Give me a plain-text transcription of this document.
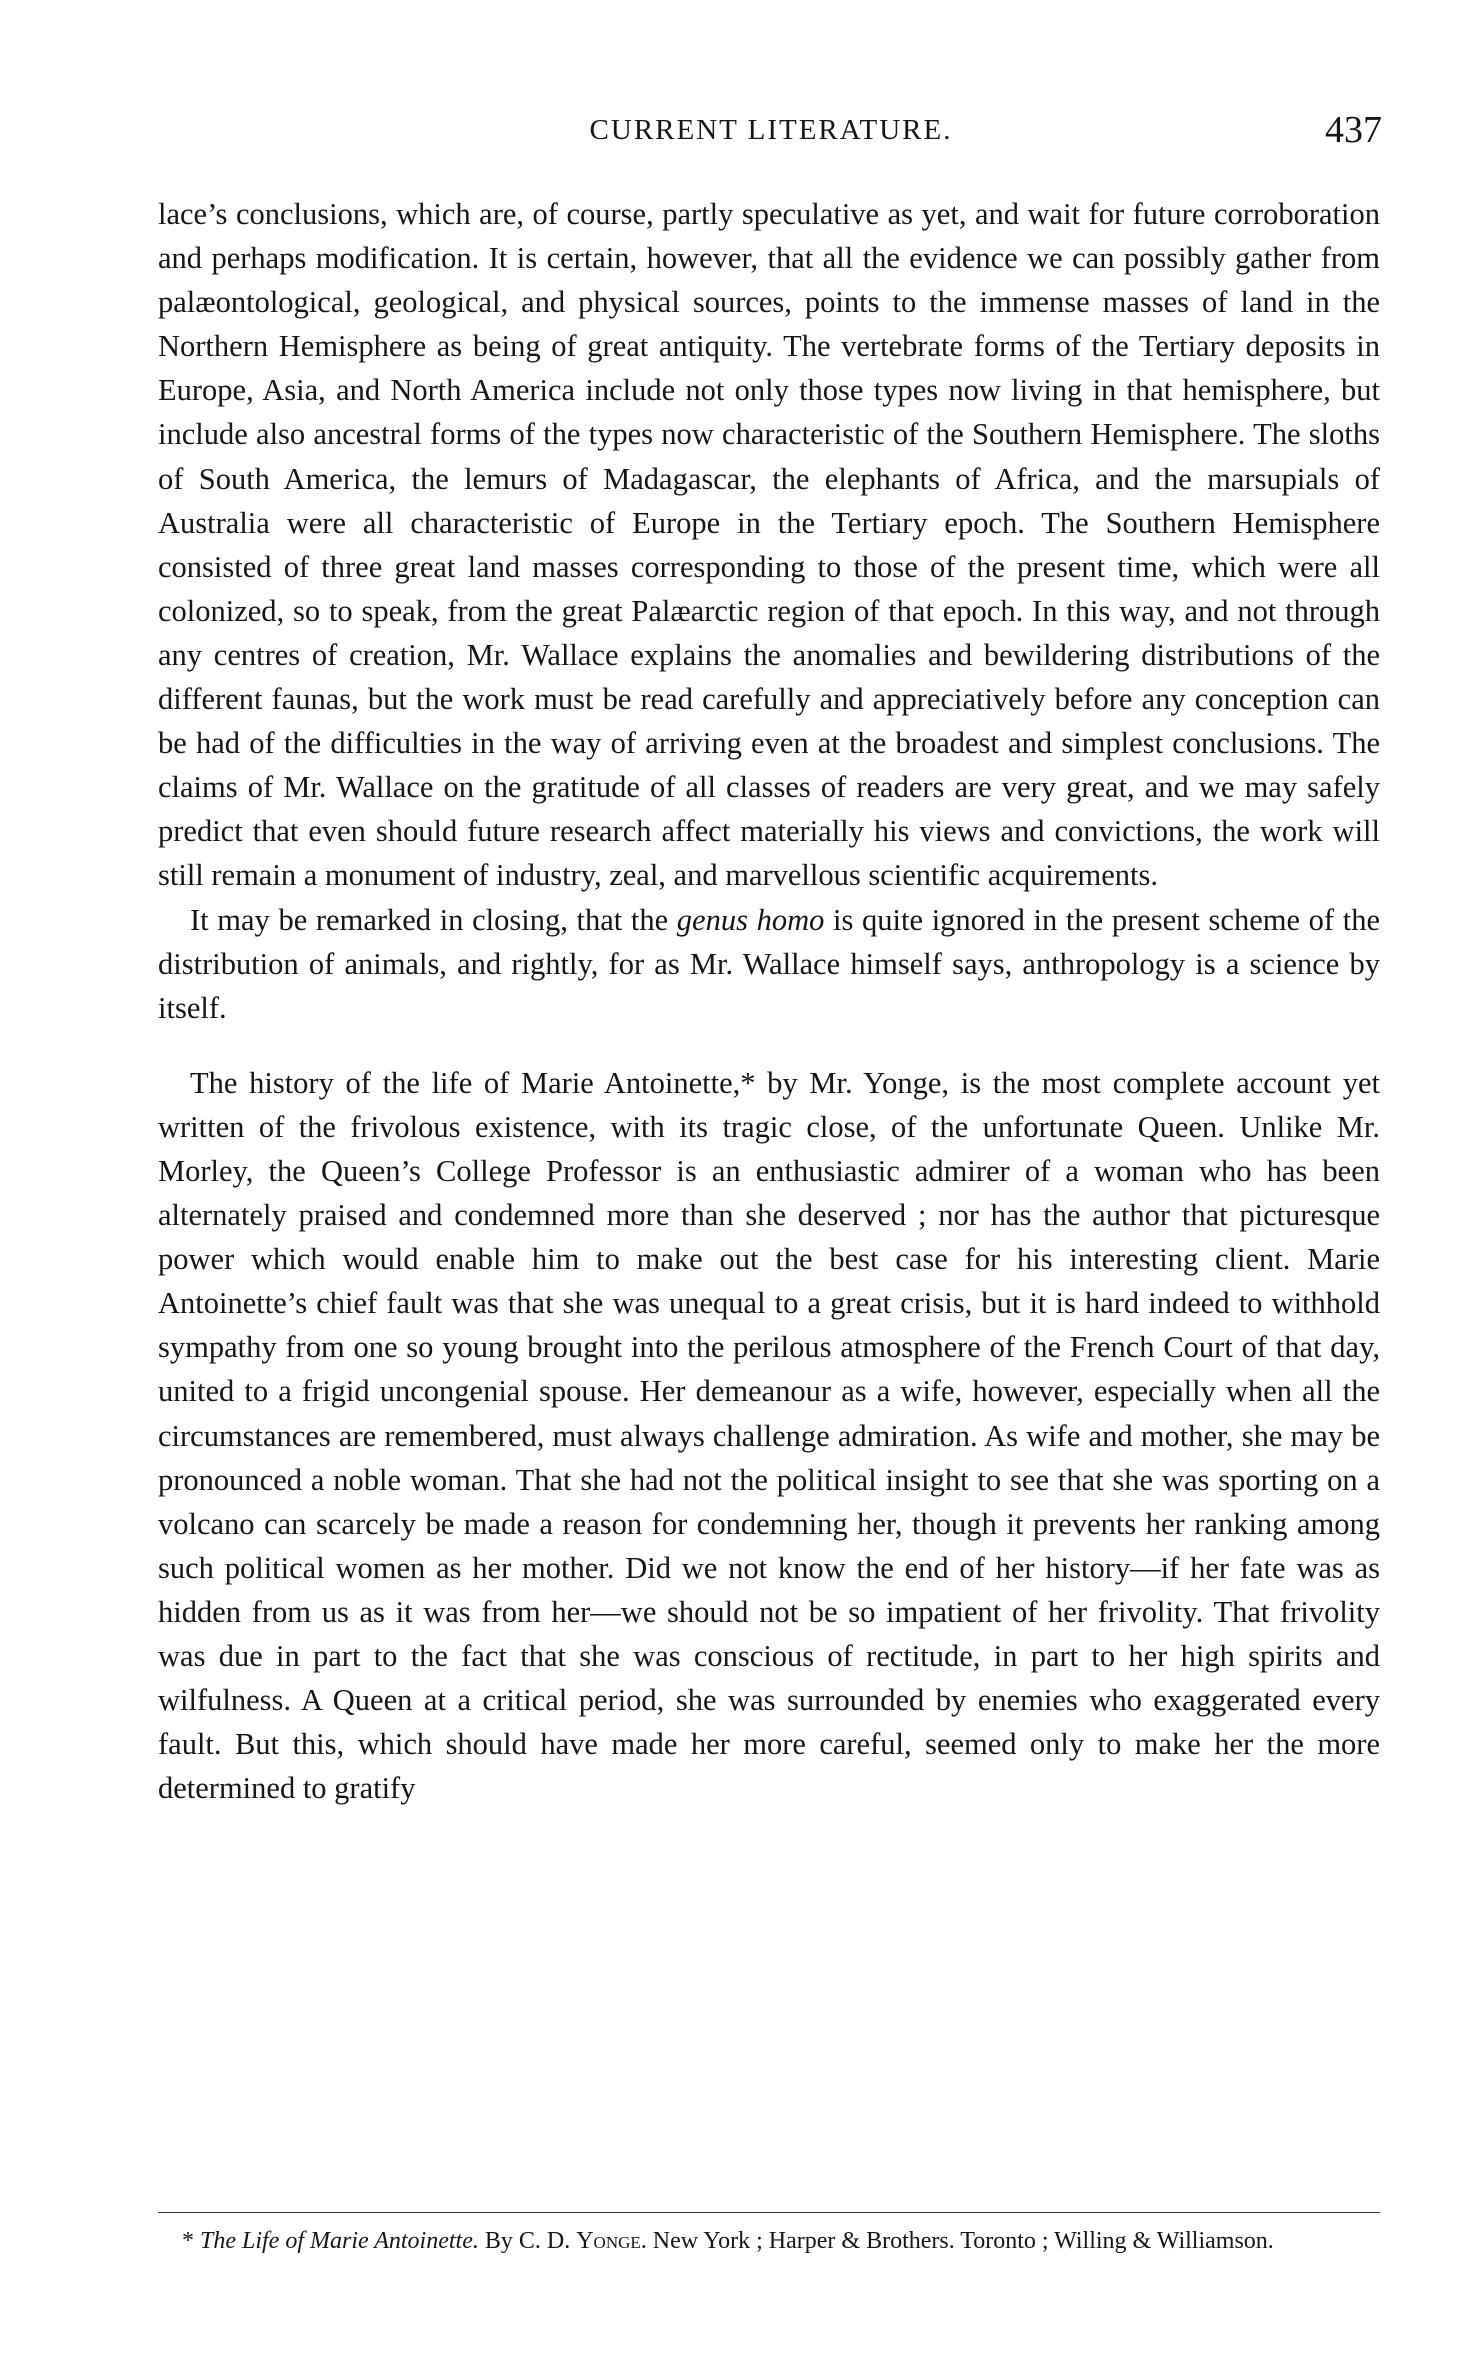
CURRENT LITERATURE.	437

lace’s conclusions, which are, of course, partly speculative as yet, and wait for future corroboration and perhaps modification. It is certain, however, that all the evidence we can possibly gather from palæontological, geological, and physical sources, points to the immense masses of land in the Northern Hemisphere as being of great antiquity. The vertebrate forms of the Tertiary deposits in Europe, Asia, and North America include not only those types now living in that hemisphere, but include also ancestral forms of the types now characteristic of the Southern Hemisphere. The sloths of South America, the lemurs of Madagascar, the elephants of Africa, and the marsupials of Australia were all characteristic of Europe in the Tertiary epoch. The Southern Hemisphere consisted of three great land masses corresponding to those of the present time, which were all colonized, so to speak, from the great Palæarctic region of that epoch. In this way, and not through any centres of creation, Mr. Wallace explains the anomalies and bewildering distributions of the different faunas, but the work must be read carefully and appreciatively before any conception can be had of the difficulties in the way of arriving even at the broadest and simplest conclusions. The claims of Mr. Wallace on the gratitude of all classes of readers are very great, and we may safely predict that even should future research affect materially his views and convictions, the work will still remain a monument of industry, zeal, and marvellous scientific acquirements.

It may be remarked in closing, that the genus homo is quite ignored in the present scheme of the distribution of animals, and rightly, for as Mr. Wallace himself says, anthropology is a science by itself.

The history of the life of Marie Antoinette,* by Mr. Yonge, is the most complete account yet written of the frivolous existence, with its tragic close, of the unfortunate Queen. Unlike Mr. Morley, the Queen’s College Professor is an enthusiastic admirer of a woman who has been alternately praised and condemned more than she deserved ; nor has the author that picturesque power which would enable him to make out the best case for his interesting client. Marie Antoinette’s chief fault was that she was unequal to a great crisis, but it is hard indeed to withhold sympathy from one so young brought into the perilous atmosphere of the French Court of that day, united to a frigid uncongenial spouse. Her demeanour as a wife, however, especially when all the circumstances are remembered, must always challenge admiration. As wife and mother, she may be pronounced a noble woman. That she had not the political insight to see that she was sporting on a volcano can scarcely be made a reason for condemning her, though it prevents her ranking among such political women as her mother. Did we not know the end of her history—if her fate was as hidden from us as it was from her—we should not be so impatient of her frivolity. That frivolity was due in part to the fact that she was conscious of rectitude, in part to her high spirits and wilfulness. A Queen at a critical period, she was surrounded by enemies who exaggerated every fault. But this, which should have made her more careful, seemed only to make her the more determined to gratify

* The Life of Marie Antoinette. By C. D. Yonge. New York ; Harper & Brothers. Toronto ; Willing & Williamson.
